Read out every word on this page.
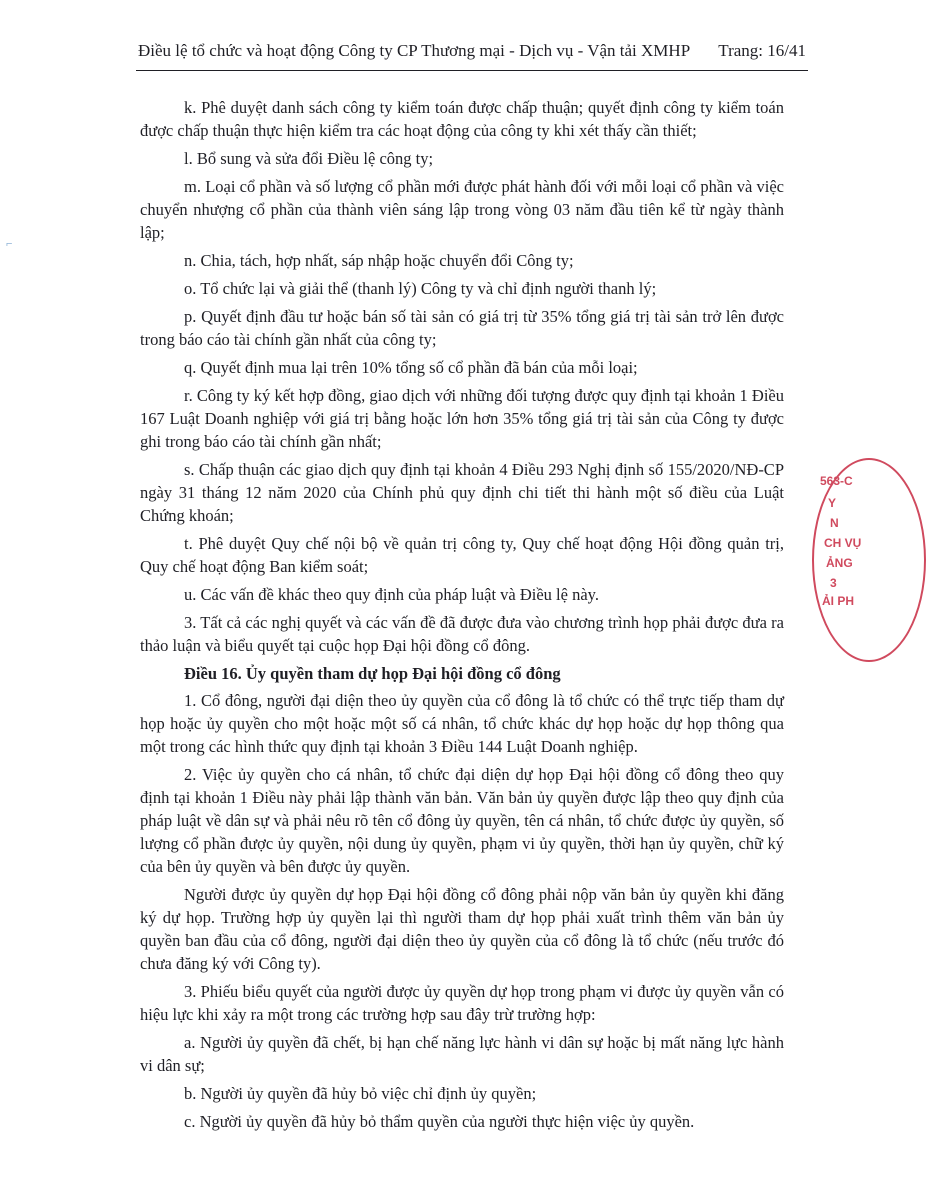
Điều lệ tổ chức và hoạt động Công ty CP Thương mại - Dịch vụ - Vận tải XMHP Trang: 16/41
⌐

k. Phê duyệt danh sách công ty kiểm toán được chấp thuận; quyết định công ty kiểm toán được chấp thuận thực hiện kiểm tra các hoạt động của công ty khi xét thấy cần thiết;

l. Bổ sung và sửa đổi Điều lệ công ty;

m. Loại cổ phần và số lượng cổ phần mới được phát hành đối với mỗi loại cổ phần và việc chuyển nhượng cổ phần của thành viên sáng lập trong vòng 03 năm đầu tiên kể từ ngày thành lập;

n. Chia, tách, hợp nhất, sáp nhập hoặc chuyển đổi Công ty;

o. Tổ chức lại và giải thể (thanh lý) Công ty và chỉ định người thanh lý;

p. Quyết định đầu tư hoặc bán số tài sản có giá trị từ 35% tổng giá trị tài sản trở lên được trong báo cáo tài chính gần nhất của công ty;

q. Quyết định mua lại trên 10% tổng số cổ phần đã bán của mỗi loại;

r. Công ty ký kết hợp đồng, giao dịch với những đối tượng được quy định tại khoản 1 Điều 167 Luật Doanh nghiệp với giá trị bằng hoặc lớn hơn 35% tổng giá trị tài sản của Công ty được ghi trong báo cáo tài chính gần nhất;

s. Chấp thuận các giao dịch quy định tại khoản 4 Điều 293 Nghị định số 155/2020/NĐ-CP ngày 31 tháng 12 năm 2020 của Chính phủ quy định chi tiết thi hành một số điều của Luật Chứng khoán;

t. Phê duyệt Quy chế nội bộ về quản trị công ty, Quy chế hoạt động Hội đồng quản trị, Quy chế hoạt động Ban kiểm soát;

u. Các vấn đề khác theo quy định của pháp luật và Điều lệ này.

3. Tất cả các nghị quyết và các vấn đề đã được đưa vào chương trình họp phải được đưa ra thảo luận và biểu quyết tại cuộc họp Đại hội đồng cổ đông.

Điều 16. Ủy quyền tham dự họp Đại hội đồng cổ đông

1. Cổ đông, người đại diện theo ủy quyền của cổ đông là tổ chức có thể trực tiếp tham dự họp hoặc ủy quyền cho một hoặc một số cá nhân, tổ chức khác dự họp hoặc dự họp thông qua một trong các hình thức quy định tại khoản 3 Điều 144 Luật Doanh nghiệp.

2. Việc ủy quyền cho cá nhân, tổ chức đại diện dự họp Đại hội đồng cổ đông theo quy định tại khoản 1 Điều này phải lập thành văn bản. Văn bản ủy quyền được lập theo quy định của pháp luật về dân sự và phải nêu rõ tên cổ đông ủy quyền, tên cá nhân, tổ chức được ủy quyền, số lượng cổ phần được ủy quyền, nội dung ủy quyền, phạm vi ủy quyền, thời hạn ủy quyền, chữ ký của bên ủy quyền và bên được ủy quyền.

Người được ủy quyền dự họp Đại hội đồng cổ đông phải nộp văn bản ủy quyền khi đăng ký dự họp. Trường hợp ủy quyền lại thì người tham dự họp phải xuất trình thêm văn bản ủy quyền ban đầu của cổ đông, người đại diện theo ủy quyền của cổ đông là tổ chức (nếu trước đó chưa đăng ký với Công ty).

3. Phiếu biểu quyết của người được ủy quyền dự họp trong phạm vi được ủy quyền vẫn có hiệu lực khi xảy ra một trong các trường hợp sau đây trừ trường hợp:

a. Người ủy quyền đã chết, bị hạn chế năng lực hành vi dân sự hoặc bị mất năng lực hành vi dân sự;

b. Người ủy quyền đã hủy bỏ việc chỉ định ủy quyền;

c. Người ủy quyền đã hủy bỏ thẩm quyền của người thực hiện việc ủy quyền.

563-C
Y
N
CH VỤ
ẢNG
3
ẢI PH
